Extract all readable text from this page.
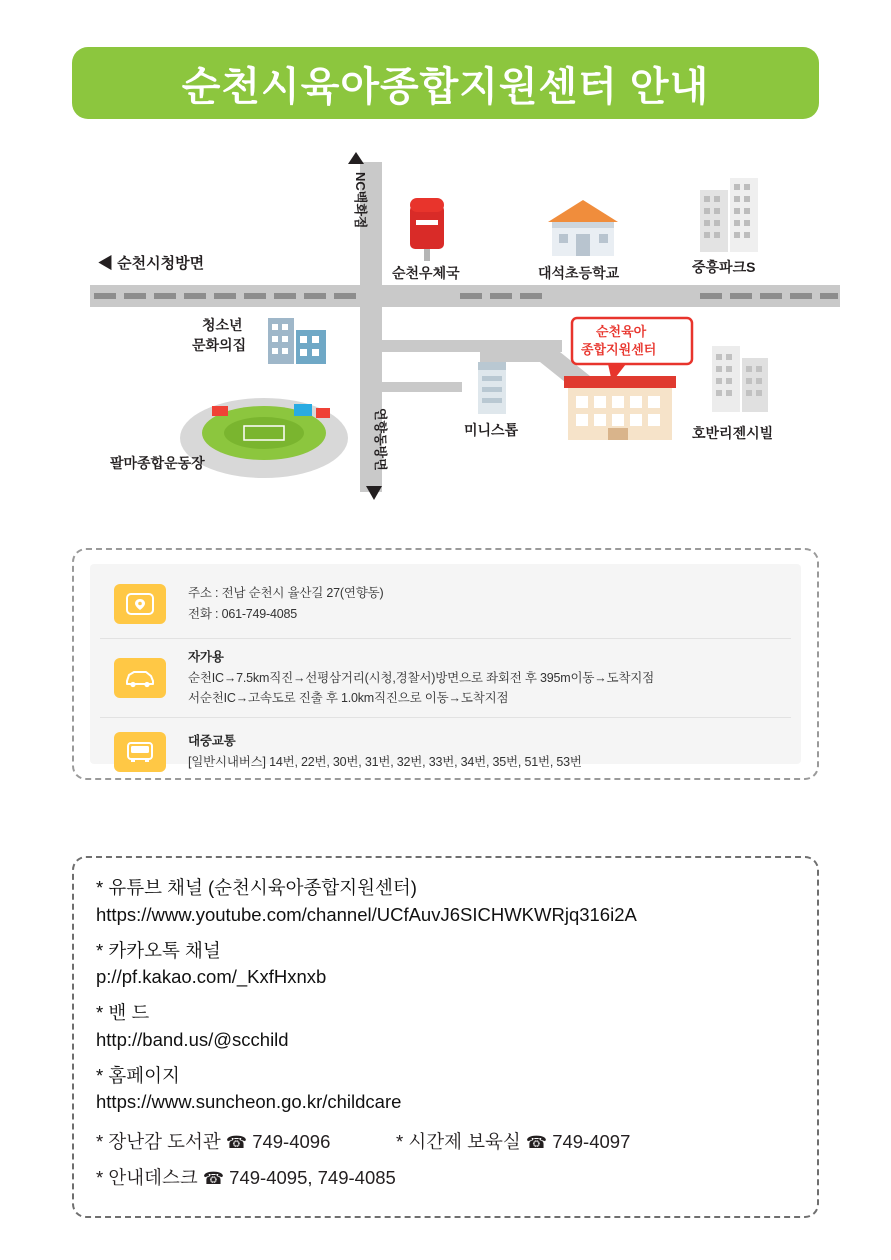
순천시육아종합지원센터 안내
◀ 순천시청방면
NC백화점
순천우체국	대석초등학교	중흥파크S
청소년
문화의집
미니스톱
순천육아
종합지원센터
호반리젠시빌
팔마종합운동장	연향동방면
주소 : 전남 순천시 율산길 27(연향동)
전화 : 061-749-4085
자가용
순천IC→7.5km직진→선평삼거리(시청,경찰서)방면으로 좌회전 후 395m이동→도착지점
서순천IC→고속도로 진출 후 1.0km직진으로 이동→도착지점
대중교통
[일반시내버스] 14번, 22번, 30번, 31번, 32번, 33번, 34번, 35번, 51번, 53번
* 유튜브 채널 (순천시육아종합지원센터)
https://www.youtube.com/channel/UCfAuvJ6SICHWKWRjq316i2A
* 카카오톡 채널
p://pf.kakao.com/_KxfHxnxb
* 밴 드
http://band.us/@scchild
* 홈페이지
https://www.suncheon.go.kr/childcare
* 장난감 도서관 ☎ 749-4096	* 시간제 보육실 ☎ 749-4097
* 안내데스크 ☎ 749-4095, 749-4085
